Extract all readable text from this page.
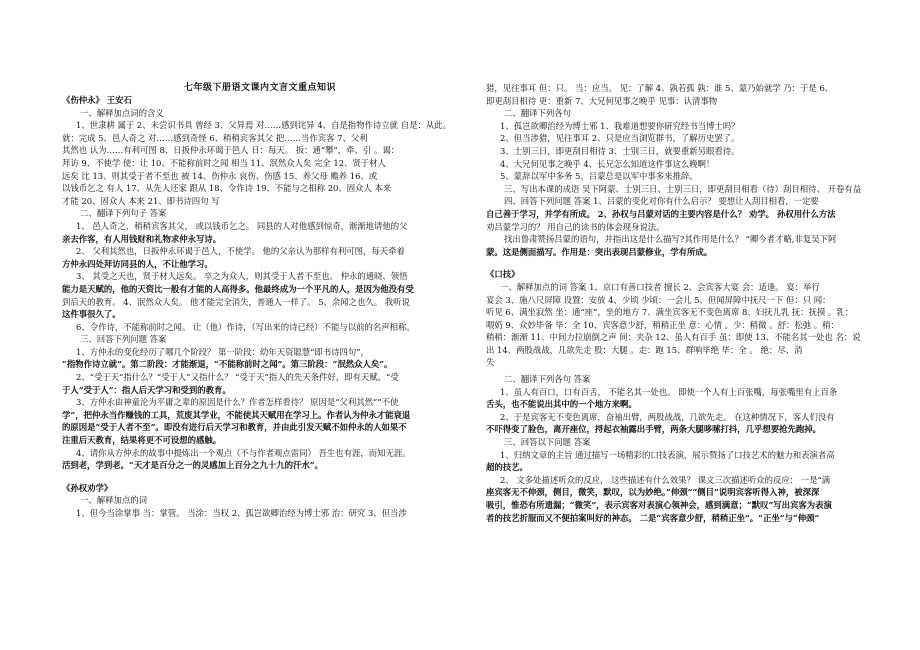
七年级下册语文课内文言文重点知识

《伤仲永》 王安石

一、解释加点词的含义

1、世隶耕 属于 2、未尝识书具 曾经 3、父异焉 对……感到诧异 4、自是指物作诗立就 自是：从此。

就：完成 5、邑人奇之 对……感到奇怪 6、稍稍宾客其父 把……当作宾客 7、父利

其然也 认为……有利可图 8、日扳仲永环谒于邑人 日：每天。 扳：通“攀”，牵、引 。谒：

拜访 9、不使学 使：让 10、不能称前时之闻 相当 11、泯然众人矣 完全 12、贤于材人

远矣 比 13、则其受于者不至也 被 14、伤仲永 哀伤、伤感 15、养父母 赡养 16、或

以钱币乞之 有人 17、从先人还家 跟从 18、令作诗 19、不能与之相称 20、固众人 本来

才能 20、固众人 本来 21、即书诗四句 写

二、翻译下列句子 答案

1、 邑人奇之，稍稍宾客其父， 或以钱币乞之。 同县的人对他感到惊奇，渐渐地请他的父

亲去作客，有人用钱财和礼物求仲永写诗。

2、 父利其然也，日扳仲永环谒于邑人，不使学。 他的父亲认为那样有利可图，每天牵着

方仲永四处拜访同县的人，不让他学习。

3、 其受之天也，贤于材人远矣。 卒之为众人，则其受于人者不至也。 仲永的通晓、领悟

能力是天赋的，他的天资比一般有才能的人高得多。他最终成为一个平凡的人，是因为他没有受

到后天的教育。 4、泯然众人矣。 他才能完全消失，普通人一样了。 5、余闻之也久。 我听说

这件事很久了。

6、令作诗，不能称前时之闻。 让（他）作诗，（写出来的诗已经）不能与以前的名声相称。

三、回答下列问题 答案

1、方仲永的变化经历了哪几个阶段？ 第一阶段：幼年天资聪慧“即书诗四句”，

“指物作诗立就”。第二阶段：才能渐退，“不能称前时之闻”。第三阶段：“泯然众人矣”。

2、“受于天”指什么？“受于人”又指什么？ “受于天”指人的先天条件好，即有天赋。“受

于人”受于人”：指人后天学习和受到的教育。

3、方仲永由神童沦为平庸之辈的原因是什么？作者怎样看待？ 原因是“父利其然”“不使

学”，把仲永当作赚钱的工具，荒废其学业，不能使其天赋用在学习上。作者认为仲永才能衰退

的原因是“受于人者不至”。即没有进行后天学习和教育，并由此引发天赋不如仲永的人如果不

注重后天教育，结果将更不可设想的感触。

4、请你从方仲永的故事中提炼出一个观点（不与作者观点雷同） 吾生也有涯，而知无涯。

活到老，学到老。“天才是百分之一的灵感加上百分之九十九的汗水”。

《孙权劝学》

一、解释加点的词

1、但今当涂掌事 当：掌管。 当涂：当权 2、孤岂欲卿治经为博士邪 治：研究 3、但当涉

猎，见往事耳 但：只。 当：应当。 见：了解 4、孰若孤 孰：谁 5、蒙乃始就学 乃：于是 6、

即更刮目相待 更：重新 7、大兄何见事之晚乎 见事：认清事物

二、翻译下列各句

1、孤岂欲卿治经为博士邪 1、我难道想要你研究经书当博士吗？

2、但当涉猎，见往事耳 2、只是应当浏览群书，了解历史罢了。

3、士别三日，即更刮目相待 3、士别三日，就要重新另眼看待。

4、大兄何见事之晚乎 4、长兄怎么知道这件事这么晚啊！

5、蒙辞以军中多务 5、吕蒙总是以军中事多来推辞。

三、写出本课的成语 吴下阿蒙、士别三日、士别三日，即更刮目相看（待）刮目相待、 开卷有益

四、回答下列问题 答案 1、吕蒙的变化对你有什么启示？ 要想让人刮目相看，一定要

自己善于学习，并学有所成。 2、孙权与吕蒙对话的主要内容是什么？ 劝学。 孙权用什么方法

劝吕蒙学习的？ 用自己的读书的体会现身说法。

找出鲁肃赞扬吕蒙的语句，并指出这是什么描写?其作用是什么？ “卿今者才略,非复吴下阿

蒙。这是侧面描写。作用是：突出表现吕蒙修业，学有所成。

《口技》

一、解释加点的词 答案 1、京口有善口技者 擅长 2、会宾客大宴 会：适逢。 宴：举行

宴会 3、施八尺屏障 设置：安放 4、少顷 少顷：一会儿 5、但闻屏障中抚尺一下 但：只 闻：

听见 6、满坐寂然 坐：通“座”，坐的地方 7、满坐宾客无不变色离席 8、妇抚儿乳 抚：抚摸 。乳：

喂奶 9、众妙毕备 毕：全 10、宾客意少舒，稍稍正坐 意：心情 。少：稍微 。舒：松弛 。稍：

稍稍：渐渐 11、中间力拉崩倒之声 间：夹杂 12、虽人有百手 虽：即使 13、不能名其一处也 名：说

出 14、两股战战，几欲先走 股：大腿 。走：跑 15、群响毕绝 毕：全 。 绝：尽、消

失

二、翻译下列各句 答案

1、虽人有百口，口有百舌， 不能名其一处也。 即使一个人有上百张嘴，每张嘴里有上百条

舌头，也不能说出其中的一个地方来啊。

2、于是宾客无不变色离席，奋袖出臂，两股战战，几欲先走。 在这种情况下，客人们没有

不吓得变了脸色，离开座位，捋起衣袖露出手臂，两条大腿哆嗦打抖，几乎想要抢先跑掉。

三、回答以下问题 答案

1、归纳文章的主旨 通过描写一场精彩的口技表演，展示赞扬了口技艺术的魅力和表演者高

超的技艺。

2、 文多处描述听众的反应， 这些描述有什么效果？ 课文三次描述听众的反应： 一是“满

座宾客无不伸颈，侧目，微笑，默叹，以为妙绝。”伸颈”“侧目”说明宾客听得入神，被深深

吸引，惟恐有所遗漏；“微笑”，表示宾客对表演心领神会，感到满意；“默叹”写出宾客为表演

者的技艺折服而又不便拍案叫好的神态。 二是“宾客意少舒，稍稍正坐”。“正坐”与“伸颈”
